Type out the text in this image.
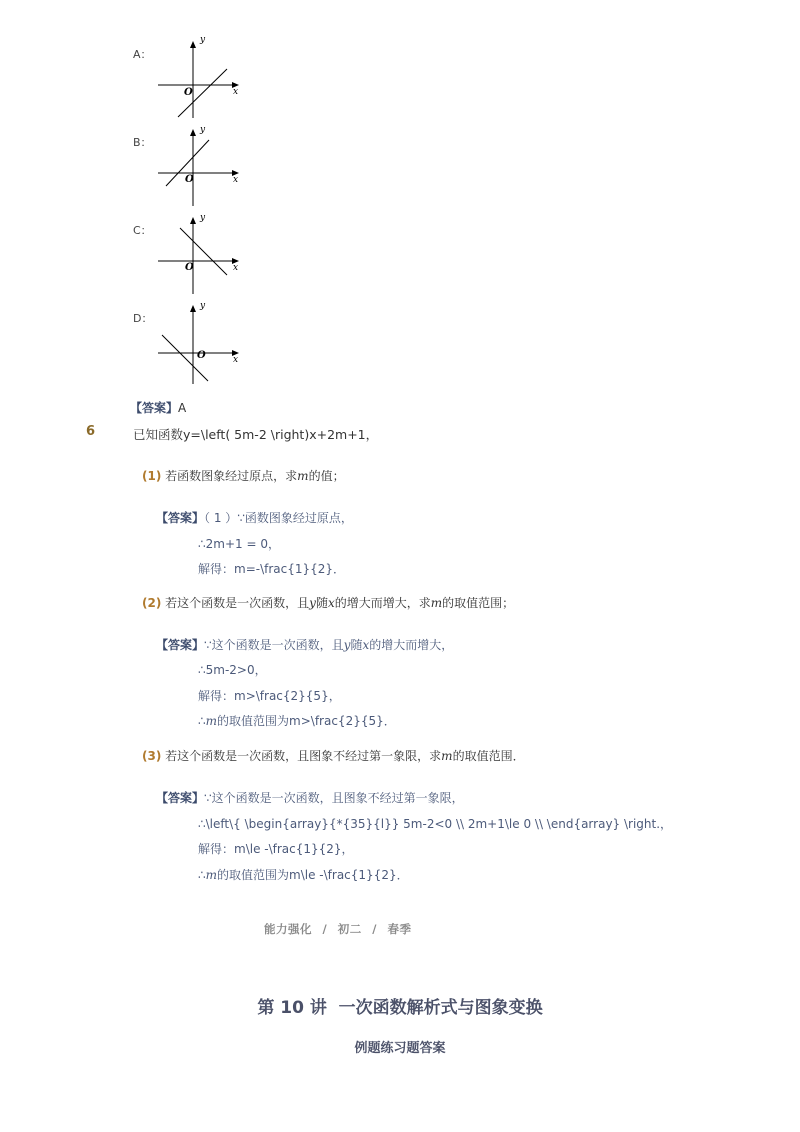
A：
y
x
O
B：
y
x
O
C：
y
x
O
D：
y
x
O
【答案】A
6	已知函数y=\left( 5m-2 \right)x+2m+1，
(1) 若函数图象经过原点，求m的值；
【答案】（ 1 ）∵函数图象经过原点，
∴2m+1 = 0，
解得：m=-\frac{1}{2}．
(2) 若这个函数是一次函数，且y随x的增大而增大，求m的取值范围；
【答案】∵这个函数是一次函数，且y随x的增大而增大，
∴5m-2>0，
解得：m>\frac{2}{5}，
∴m的取值范围为m>\frac{2}{5}．
(3) 若这个函数是一次函数，且图象不经过第一象限，求m的取值范围．
【答案】∵这个函数是一次函数，且图象不经过第一象限，
∴\left\{ \begin{array}{*{35}{l}} 5m-2<0 \\ 2m+1\le 0 \\ \end{array} \right.，
解得：m\le -\frac{1}{2}，
∴m的取值范围为m\le -\frac{1}{2}．
能力强化 / 初二 / 春季
第 10 讲  一次函数解析式与图象变换
例题练习题答案
